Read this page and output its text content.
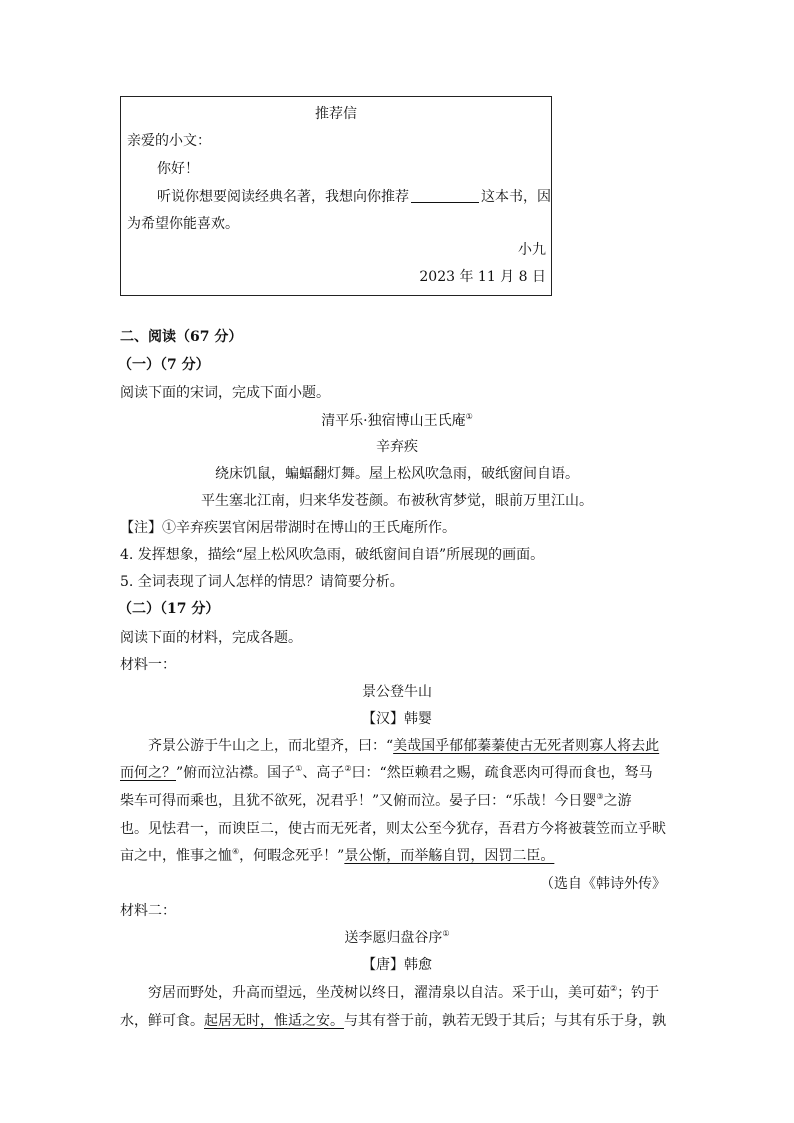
推荐信
亲爱的小文：
你好！
听说你想要阅读经典名著，我想向你推荐	这本书，因
为希望你能喜欢。
小九
2023 年 11 月 8 日
二、阅读（67 分）
（一）（7 分）
阅读下面的宋词，完成下面小题。
清平乐·独宿博山王氏庵①
辛弃疾
绕床饥鼠，蝙蝠翻灯舞。屋上松风吹急雨，破纸窗间自语。
平生塞北江南，归来华发苍颜。布被秋宵梦觉，眼前万里江山。
【注】①辛弃疾罢官闲居带湖时在博山的王氏庵所作。
4. 发挥想象，描绘“屋上松风吹急雨，破纸窗间自语”所展现的画面。
5. 全词表现了词人怎样的情思？请简要分析。
（二）（17 分）
阅读下面的材料，完成各题。
材料一：
景公登牛山
【汉】韩婴
齐景公游于牛山之上，而北望齐，曰：“美哉国乎郁郁蓁蓁使古无死者则寡人将去此
而何之？”俯而泣沾襟。国子①、高子②曰：“然臣赖君之赐，疏食恶肉可得而食也，驽马
柴车可得而乘也，且犹不欲死，况君乎！”又俯而泣。晏子曰：“乐哉！今日婴③之游
也。见怯君一，而谀臣二，使古而无死者，则太公至今犹存，吾君方今将被蓑笠而立乎畎
亩之中，惟事之恤④，何暇念死乎！”景公惭，而举觞自罚，因罚二臣。
（选自《韩诗外传》
材料二：
送李愿归盘谷序①
【唐】韩愈
穷居而野处，升高而望远，坐茂树以终日，濯清泉以自洁。采于山，美可茹②；钓于
水，鲜可食。起居无时，惟适之安。与其有誉于前，孰若无毁于其后；与其有乐于身，孰
